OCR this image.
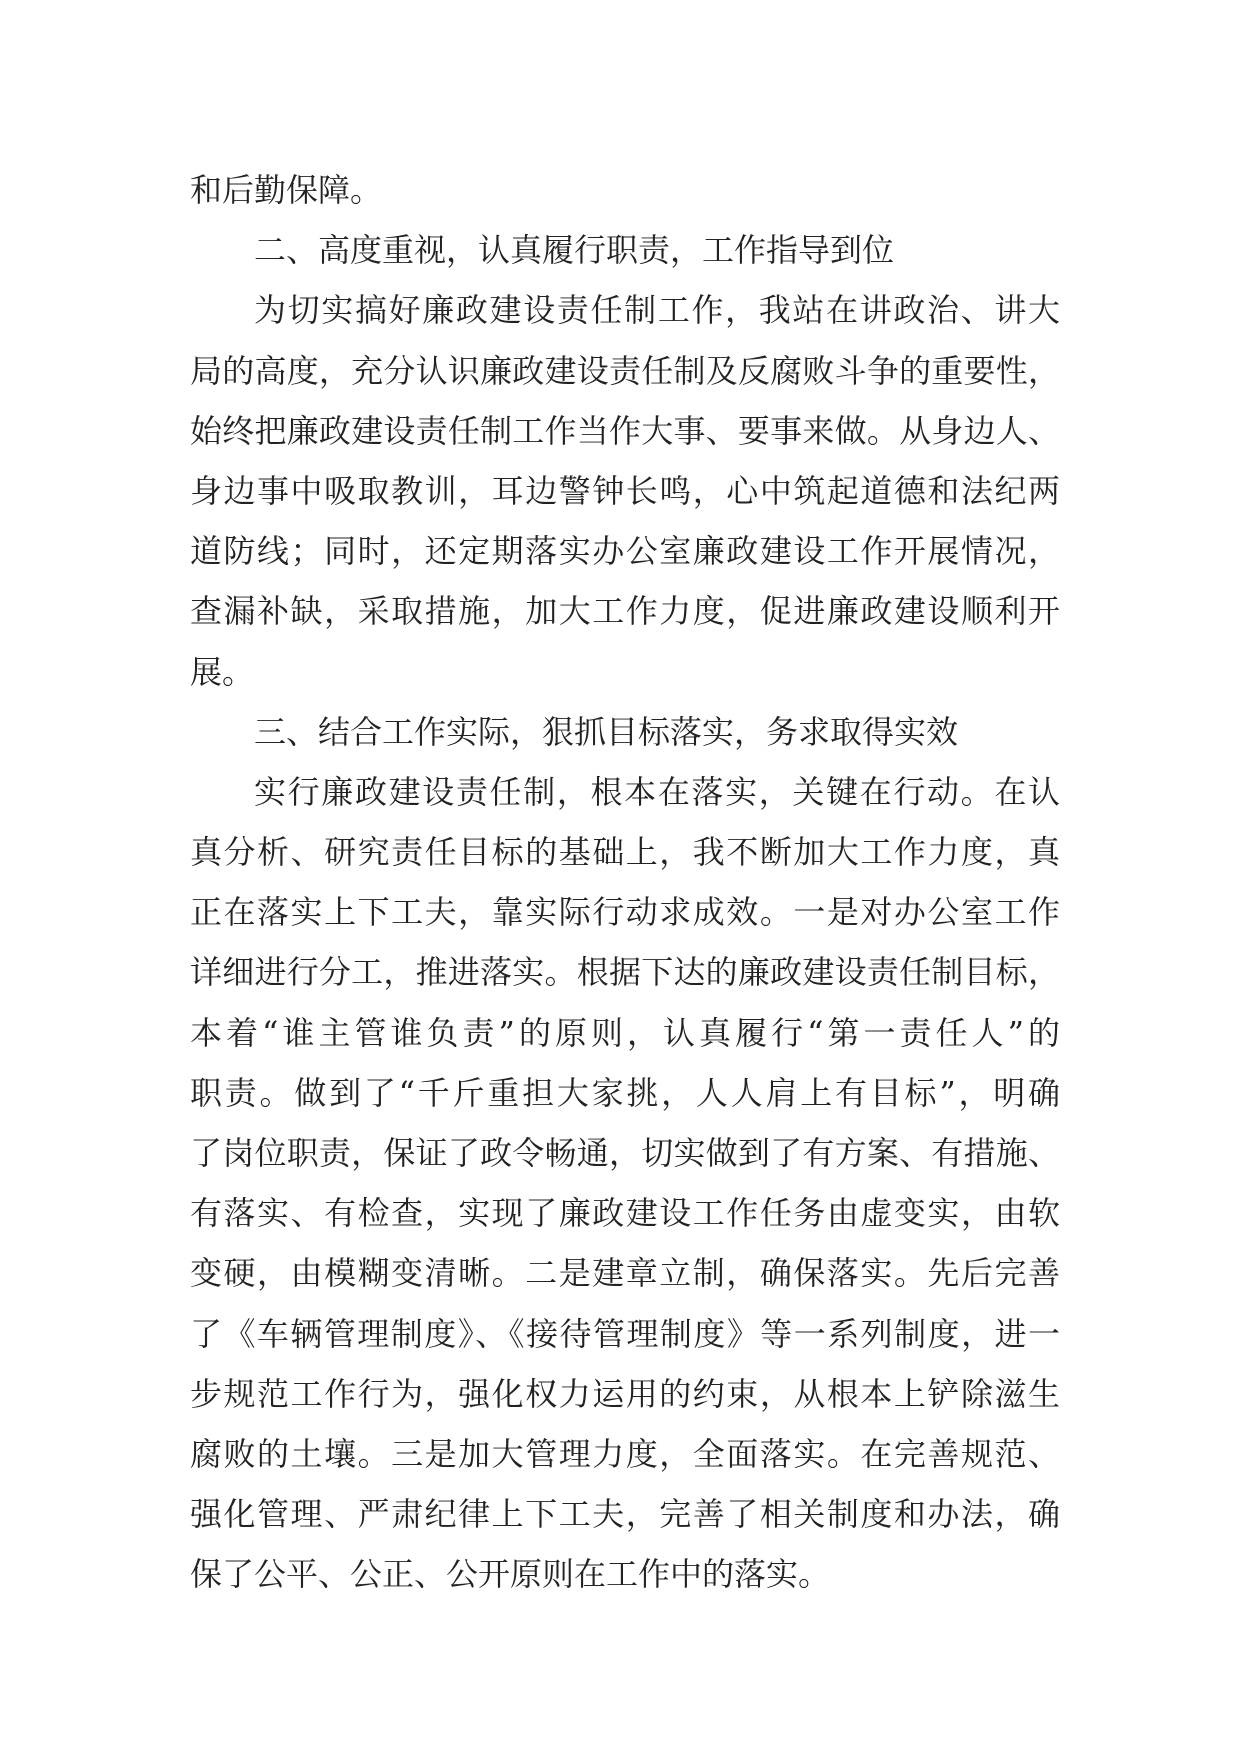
和后勤保障。
二、高度重视，认真履行职责，工作指导到位
为切实搞好廉政建设责任制工作，我站在讲政治、讲大
局的高度，充分认识廉政建设责任制及反腐败斗争的重要性，
始终把廉政建设责任制工作当作大事、要事来做。从身边人、
身边事中吸取教训，耳边警钟长鸣，心中筑起道德和法纪两
道防线；同时，还定期落实办公室廉政建设工作开展情况，
查漏补缺，采取措施，加大工作力度，促进廉政建设顺利开
展。
三、结合工作实际，狠抓目标落实，务求取得实效
实行廉政建设责任制，根本在落实，关键在行动。在认
真分析、研究责任目标的基础上，我不断加大工作力度，真
正在落实上下工夫，靠实际行动求成效。一是对办公室工作
详细进行分工，推进落实。根据下达的廉政建设责任制目标，
本着“谁主管谁负责”的原则，认真履行“第一责任人”的
职责。做到了“千斤重担大家挑，人人肩上有目标”，明确
了岗位职责，保证了政令畅通，切实做到了有方案、有措施、
有落实、有检查，实现了廉政建设工作任务由虚变实，由软
变硬，由模糊变清晰。二是建章立制，确保落实。先后完善
了《车辆管理制度》、《接待管理制度》等一系列制度，进一
步规范工作行为，强化权力运用的约束，从根本上铲除滋生
腐败的土壤。三是加大管理力度，全面落实。在完善规范、
强化管理、严肃纪律上下工夫，完善了相关制度和办法，确
保了公平、公正、公开原则在工作中的落实。
